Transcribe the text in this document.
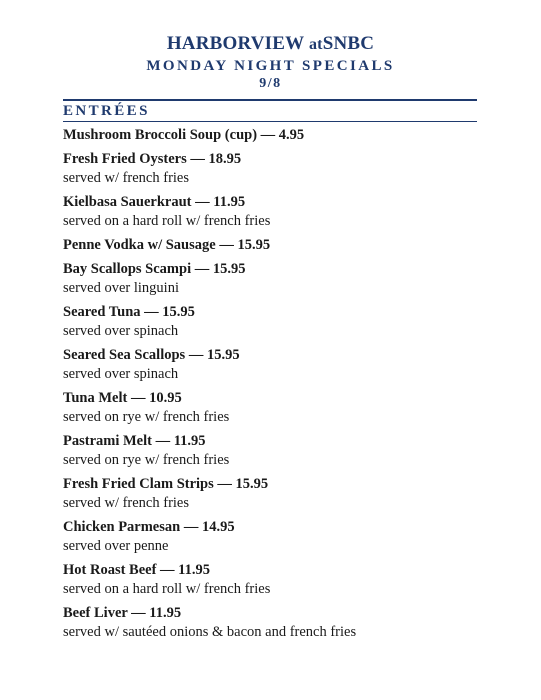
HARBORVIEW atSNBC
MONDAY NIGHT SPECIALS
9/8
ENTRÉES
Mushroom Broccoli Soup (cup) — 4.95
Fresh Fried Oysters — 18.95
served w/ french fries
Kielbasa Sauerkraut — 11.95
served on a hard roll w/ french fries
Penne Vodka w/ Sausage — 15.95
Bay Scallops Scampi — 15.95
served over linguini
Seared Tuna — 15.95
served over spinach
Seared Sea Scallops — 15.95
served over spinach
Tuna Melt — 10.95
served on rye w/ french fries
Pastrami Melt — 11.95
served on rye w/ french fries
Fresh Fried Clam Strips — 15.95
served w/ french fries
Chicken Parmesan — 14.95
served over penne
Hot Roast Beef — 11.95
served on a hard roll w/ french fries
Beef Liver — 11.95
served w/ sautéed onions & bacon and french fries
